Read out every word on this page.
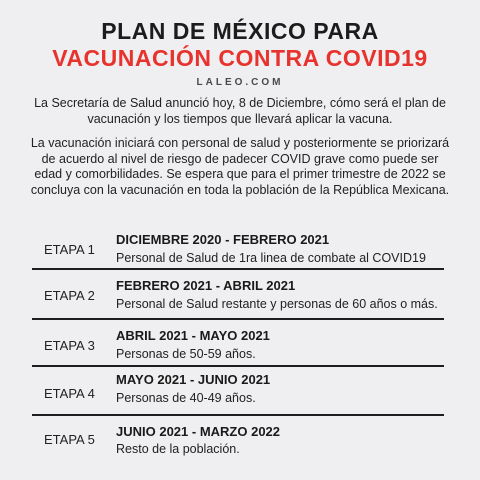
PLAN DE MÉXICO PARA
VACUNACIÓN CONTRA COVID19
LALEO.COM
La Secretaría de Salud anunció hoy, 8 de Diciembre, cómo será el plan de vacunación y los tiempos que llevará aplicar la vacuna.
La vacunación iniciará con personal de salud y posteriormente se priorizará de acuerdo al nivel de riesgo de padecer COVID grave como puede ser edad y comorbilidades. Se espera que para el primer trimestre de 2022 se concluya con la vacunación en toda la población de la República Mexicana.
ETAPA 1
DICIEMBRE 2020 - FEBRERO 2021
Personal de Salud de 1ra linea de combate al COVID19
ETAPA 2
FEBRERO 2021 - ABRIL 2021
Personal de Salud restante y personas de 60 años o más.
ETAPA 3
ABRIL 2021 - MAYO 2021
Personas de 50-59 años.
ETAPA 4
MAYO 2021 - JUNIO 2021
Personas de 40-49 años.
ETAPA 5
JUNIO 2021 - MARZO 2022
Resto de la población.
